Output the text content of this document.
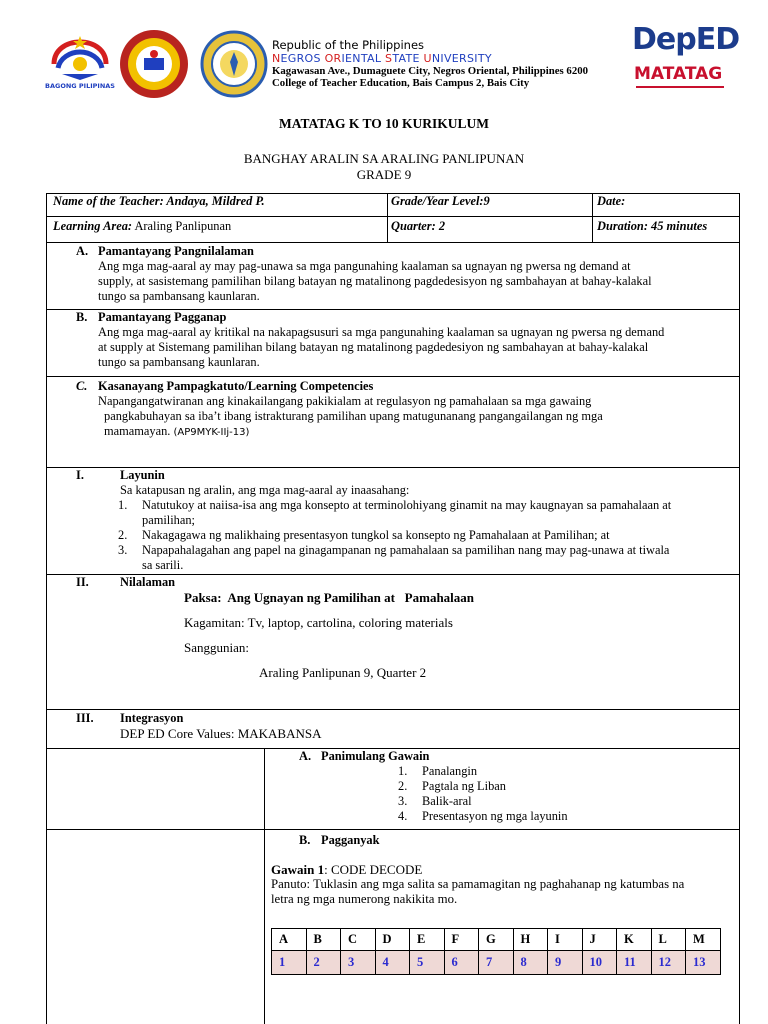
BAGONG PILIPINAS
Republic of the Philippines
NEGROS ORIENTAL STATE UNIVERSITY
Kagawasan Ave., Dumaguete City, Negros Oriental, Philippines 6200
College of Teacher Education, Bais Campus 2, Bais City
DepED
MATATAG
MATATAG K TO 10 KURIKULUM
BANGHAY ARALIN SA ARALING PANLIPUNAN
GRADE 9
Name of the Teacher: Andaya, Mildred P.	Grade/Year Level:9	Date:
Learning Area: Araling Panlipunan	Quarter: 2	Duration: 45 minutes
A. Pamantayang Pangnilalaman
Ang mga mag-aaral ay may pag-unawa sa mga pangunahing kaalaman sa ugnayan ng pwersa ng demand at
supply, at sasistemang pamilihan bilang batayan ng matalinong pagdedesisyon ng sambahayan at bahay-kalakal
tungo sa pambansang kaunlaran.
B. Pamantayang Pagganap
Ang mga mag-aaral ay kritikal na nakapagsusuri sa mga pangunahing kaalaman sa ugnayan ng pwersa ng demand
at supply at Sistemang pamilihan bilang batayan ng matalinong pagdedesiyon ng sambahayan at bahay-kalakal
tungo sa pambansang kaunlaran.
C. Kasanayang Pampagkatuto/Learning Competencies
Napangangatwiranan ang kinakailangang pakikialam at regulasyon ng pamahalaan sa mga gawaing
pangkabuhayan sa iba’t ibang istrakturang pamilihan upang matugunanang pangangailangan ng mga
mamamayan. (AP9MYK-IIj-13)
I.	Layunin
Sa katapusan ng aralin, ang mga mag-aaral ay inaasahang:
1. Natutukoy at naiisa-isa ang mga konsepto at terminolohiyang ginamit na may kaugnayan sa pamahalaan at
pamilihan;
2. Nakagagawa ng malikhaing presentasyon tungkol sa konsepto ng Pamahalaan at Pamilihan; at
3. Napapahalagahan ang papel na ginagampanan ng pamahalaan sa pamilihan nang may pag-unawa at tiwala
sa sarili.
II.	Nilalaman
Paksa:  Ang Ugnayan ng Pamilihan at   Pamahalaan
Kagamitan: Tv, laptop, cartolina, coloring materials
Sanggunian:
Araling Panlipunan 9, Quarter 2
III. Integrasyon
DEP ED Core Values: MAKABANSA
A. Panimulang Gawain
1. Panalangin
2. Pagtala ng Liban
3. Balik-aral
4. Presentasyon ng mga layunin
B. Pagganyak
Gawain 1: CODE DECODE
Panuto: Tuklasin ang mga salita sa pamamagitan ng paghahanap ng katumbas na
letra ng mga numerong nakikita mo.
A	B	C	D	E	F	G	H	I	J	K	L	M
1	2	3	4	5	6	7	8	9	10	11	12	13
